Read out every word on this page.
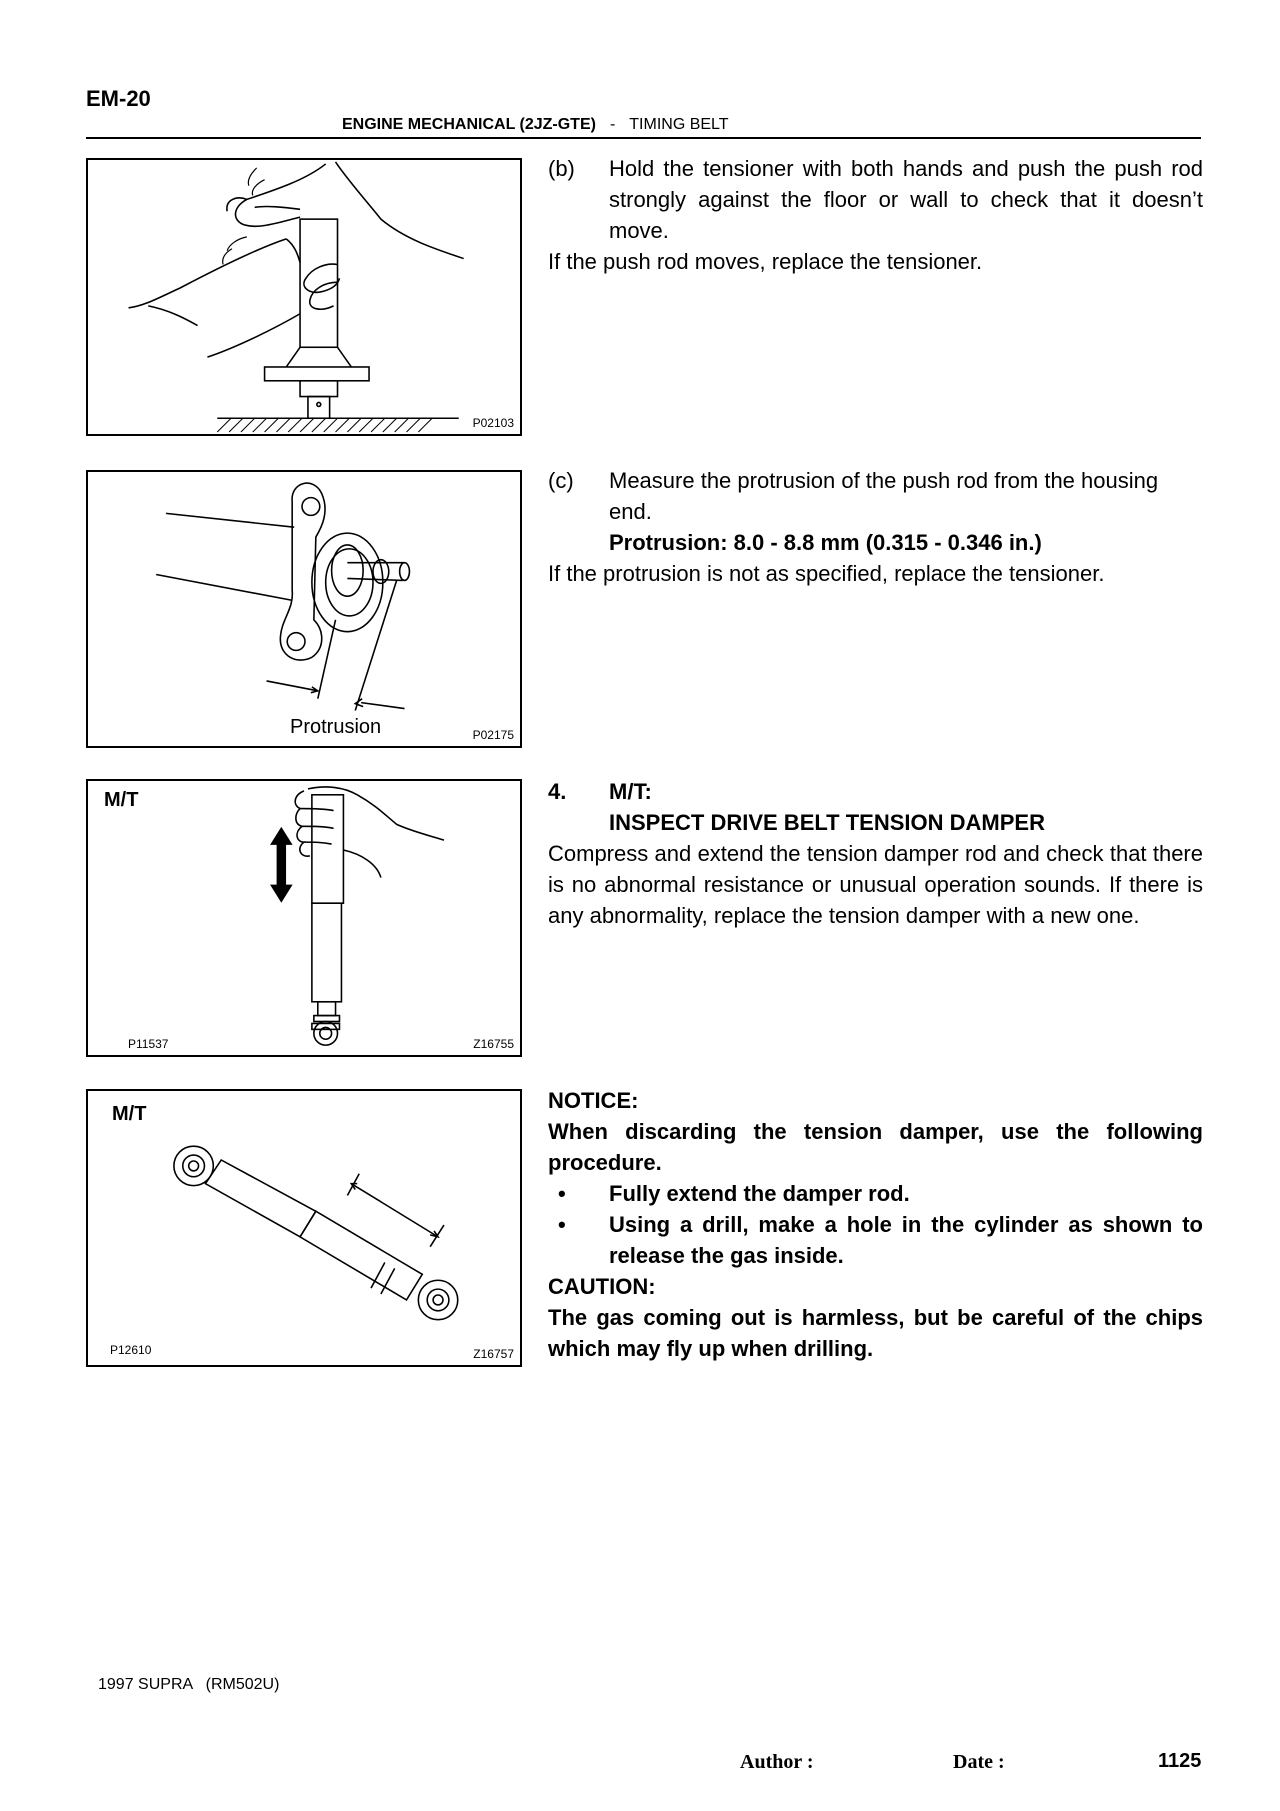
EM-20
ENGINE MECHANICAL (2JZ-GTE) - TIMING BELT
P02103
Protrusion	P02175
M/T
P11537	Z16755
M/T
P12610	Z16757
(b)	Hold the tensioner with both hands and push the push rod strongly against the floor or wall to check that it doesn’t move.
If the push rod moves, replace the tensioner.
(c)	Measure the protrusion of the push rod from the housing
end.
Protrusion: 8.0 - 8.8 mm (0.315 - 0.346 in.)
If the protrusion is not as specified, replace the tensioner.
4.	M/T:
INSPECT DRIVE BELT TENSION DAMPER
Compress and extend the tension damper rod and check that there is no abnormal resistance or unusual operation sounds. If there is any abnormality, replace the tension damper with a new one.
NOTICE:
When discarding the tension damper, use the following procedure.
•	Fully extend the damper rod.
•	Using a drill, make a hole in the cylinder as shown to release the gas inside.
CAUTION:
The gas coming out is harmless, but be careful of the chips which may fly up when drilling.
1997 SUPRA   (RM502U)
Author :	Date :	1125
